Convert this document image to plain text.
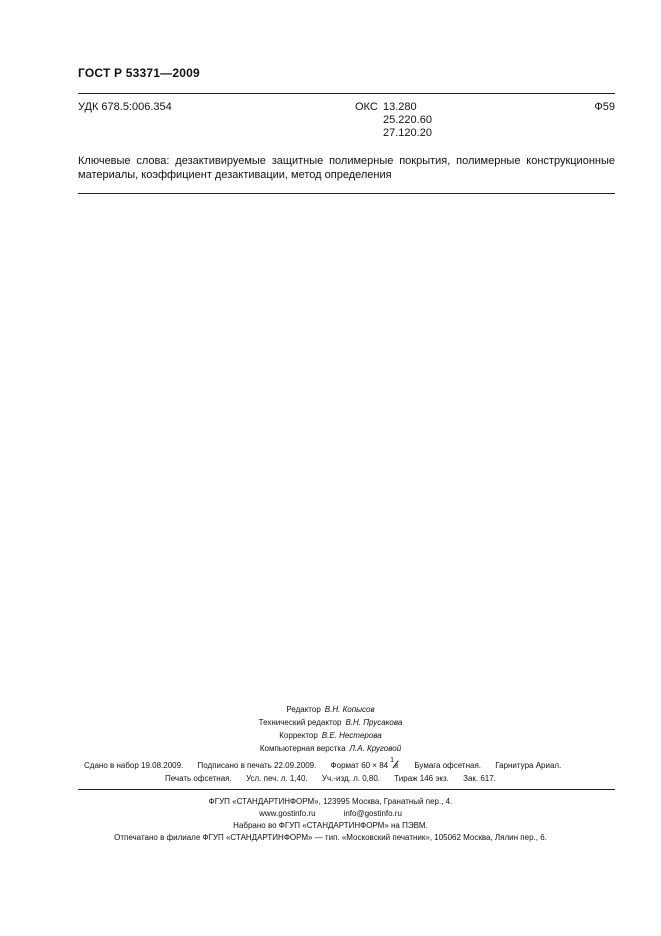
ГОСТ Р 53371—2009
УДК 678.5:006.354	ОКС 13.280
25.220.60
27.120.20
Ф59
Ключевые слова: дезактивируемые защитные полимерные покрытия, полимерные конструкционные материалы, коэффициент дезактивации, метод определения
Редактор В.Н. Копысов
Технический редактор В.Н. Прусакова
Корректор В.Е. Нестерова
Компьютерная верстка Л.А. Круговой
Сдано в набор 19.08.2009. Подписано в печать 22.09.2009. Формат 60 × 84
1
8 Бумага офсетная. Гарнитура Ариал.
Печать офсетная. Усл. печ. л. 1,40. Уч.-изд. л. 0,80. Тираж 146 экз. Зак. 617.
ФГУП «СТАНДАРТИНФОРМ», 123995 Москва, Гранатный пер., 4.
www.gostinfo.ru	info@gostinfo.ru
Набрано во ФГУП «СТАНДАРТИНФОРМ» на ПЭВМ.
Отпечатано в филиале ФГУП «СТАНДАРТИНФОРМ» — тип. «Московский печатник», 105062 Москва, Лялин пер., 6.
